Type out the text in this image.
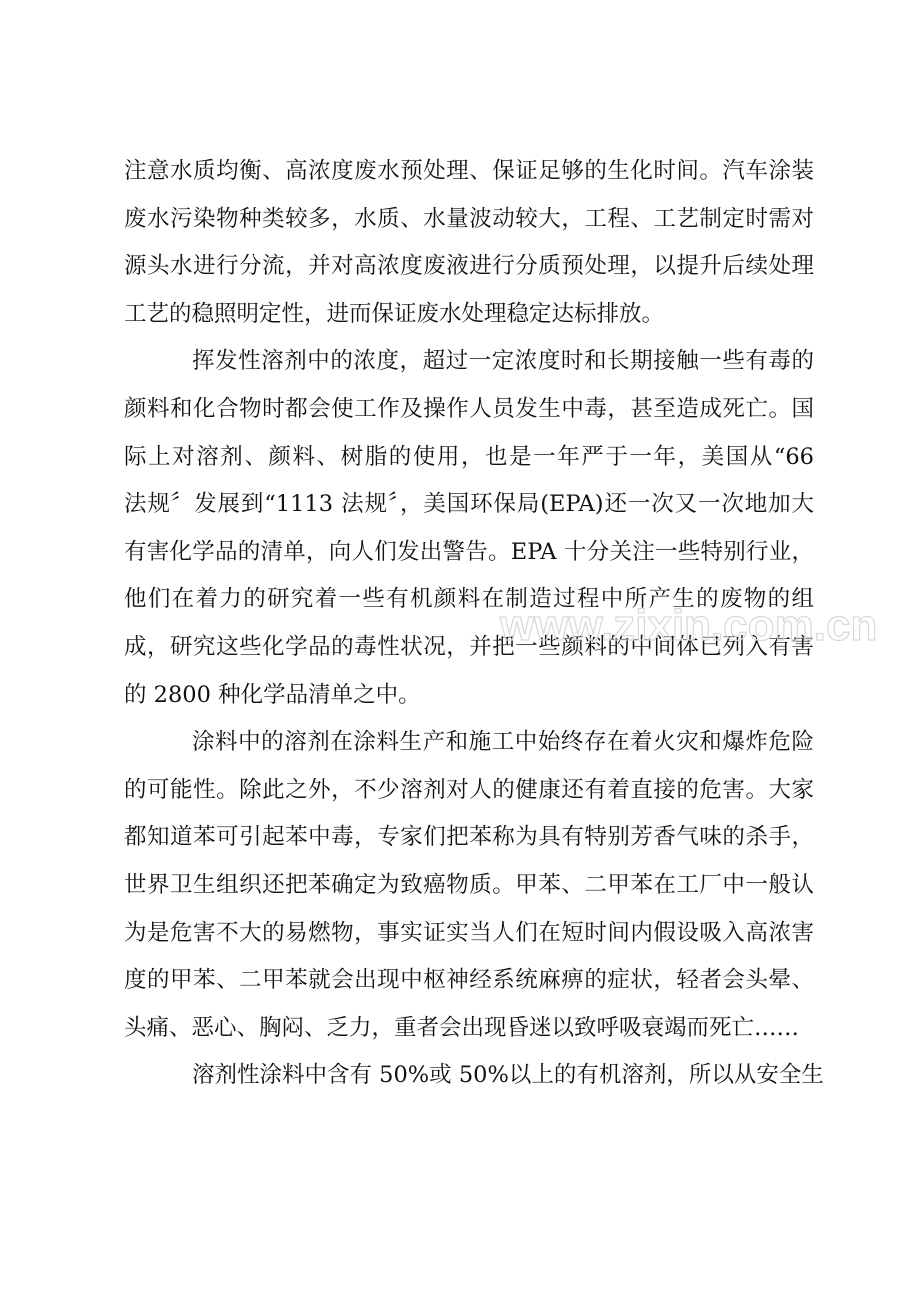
注意水质均衡、高浓度废水预处理、保证足够的生化时间。汽车涂装
废水污染物种类较多，水质、水量波动较大，工程、工艺制定时需对
源头水进行分流，并对高浓度废液进行分质预处理，以提升后续处理
工艺的稳照明定性，进而保证废水处理稳定达标排放。
挥发性溶剂中的浓度，超过一定浓度时和长期接触一些有毒的
颜料和化合物时都会使工作及操作人员发生中毒，甚至造成死亡。国
际上对溶剂、颜料、树脂的使用，也是一年严于一年，美国从“66
法规〞发展到“1113 法规〞，美国环保局(EPA)还一次又一次地加大
有害化学品的清单，向人们发出警告。EPA 十分关注一些特别行业，
他们在着力的研究着一些有机颜料在制造过程中所产生的废物的组
成，研究这些化学品的毒性状况，并把一些颜料的中间体已列入有害
的 2800 种化学品清单之中。
涂料中的溶剂在涂料生产和施工中始终存在着火灾和爆炸危险
的可能性。除此之外，不少溶剂对人的健康还有着直接的危害。大家
都知道苯可引起苯中毒，专家们把苯称为具有特别芳香气味的杀手，
世界卫生组织还把苯确定为致癌物质。甲苯、二甲苯在工厂中一般认
为是危害不大的易燃物，事实证实当人们在短时间内假设吸入高浓害
度的甲苯、二甲苯就会出现中枢神经系统麻痹的症状，轻者会头晕、
头痛、恶心、胸闷、乏力，重者会出现昏迷以致呼吸衰竭而死亡……
溶剂性涂料中含有 50%或 50%以上的有机溶剂，所以从安全生
www.zixin.com.cn
